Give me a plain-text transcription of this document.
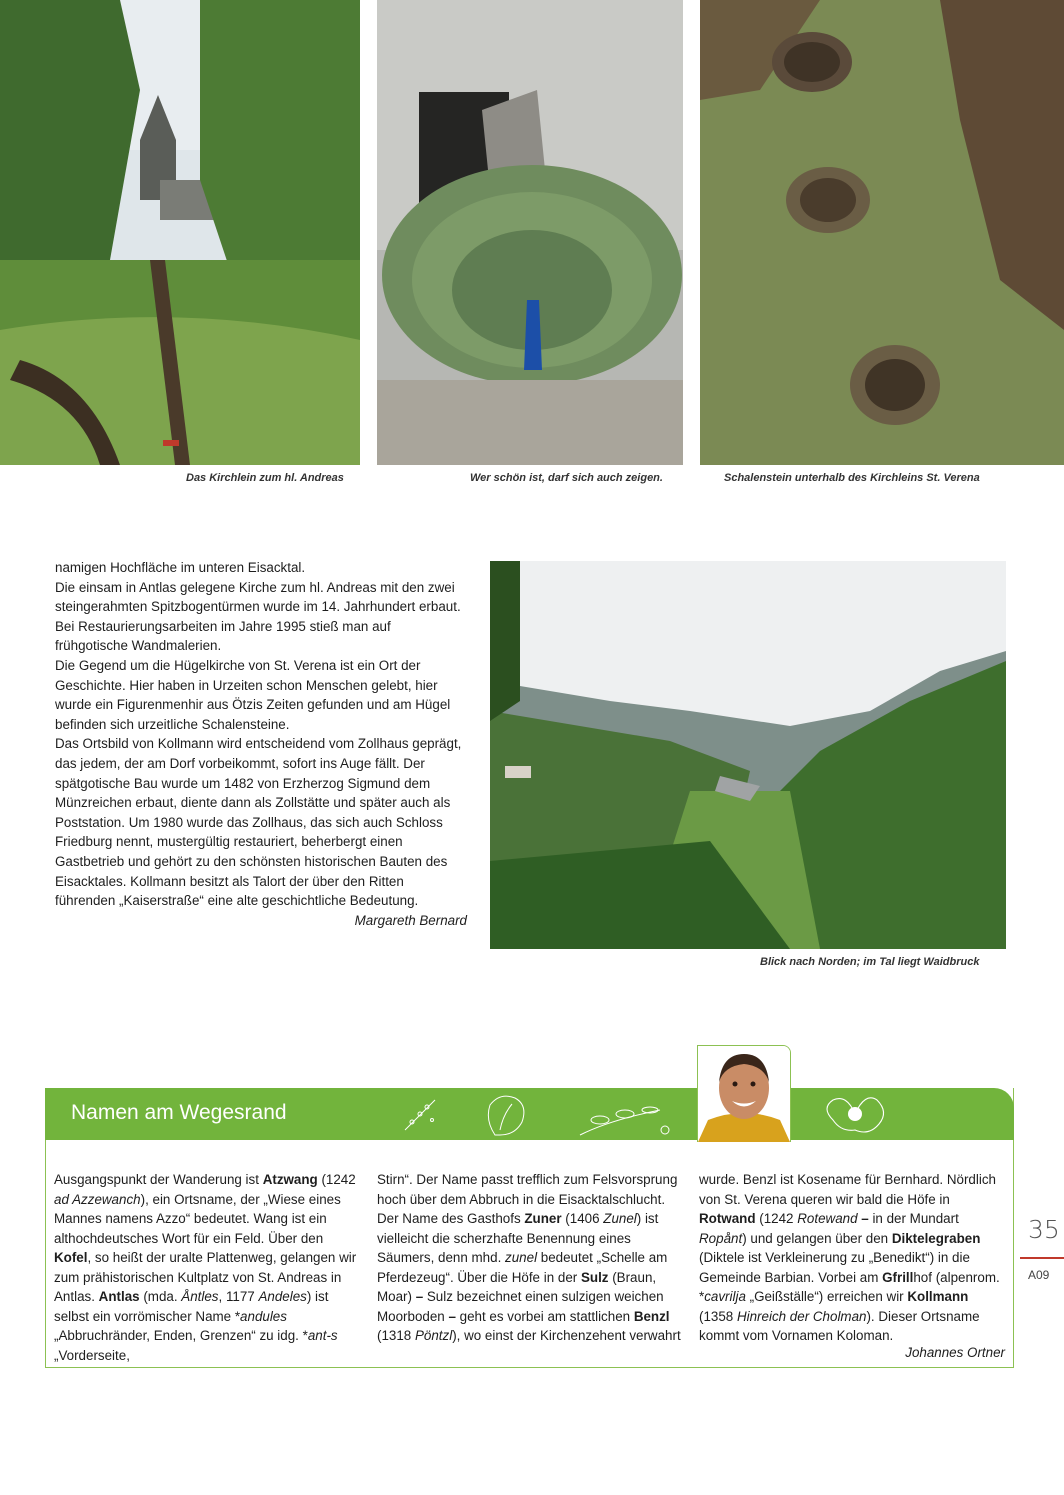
Das Kirchlein zum hl. Andreas	Wer schön ist, darf sich auch zeigen.	Schalenstein unterhalb des Kirchleins St. Verena

namigen Hochfläche im unteren Eisacktal.

Die einsam in Antlas gelegene Kirche zum hl. Andreas mit den zwei steingerahmten Spitzbogentürmen wurde im 14. Jahrhundert erbaut. Bei Restaurierungsarbeiten im Jahre 1995 stieß man auf frühgotische Wandmalerien.

Die Gegend um die Hügelkirche von St. Verena ist ein Ort der Geschichte. Hier haben in Urzeiten schon Menschen gelebt, hier wurde ein Figurenmenhir aus Ötzis Zeiten gefunden und am Hügel befinden sich urzeitliche Schalensteine.

Das Ortsbild von Kollmann wird entscheidend vom Zollhaus geprägt, das jedem, der am Dorf vorbeikommt, sofort ins Auge fällt. Der spätgotische Bau wurde um 1482 von Erzherzog Sigmund dem Münzreichen erbaut, diente dann als Zollstätte und später auch als Poststation. Um 1980 wurde das Zollhaus, das sich auch Schloss Friedburg nennt, mustergültig restauriert, beherbergt einen Gastbetrieb und gehört zu den schönsten historischen Bauten des Eisacktales. Kollmann besitzt als Talort der über den Ritten führenden „Kaiserstraße“ eine alte geschichtliche Bedeutung.

Margareth Bernard

Blick nach Norden; im Tal liegt Waidbruck
Namen am Wegesrand
Ausgangspunkt der Wanderung ist Atzwang (1242 ad Azzewanch), ein Ortsname, der „Wiese eines Mannes namens Azzo“ bedeutet. Wang ist ein althochdeutsches Wort für ein Feld. Über den Kofel, so heißt der uralte Plattenweg, gelangen wir zum prähistorischen Kultplatz von St. Andreas in Antlas. Antlas (mda. Åntles, 1177 Andeles) ist selbst ein vorrömischer Name *andules „Abbruchränder, Enden, Grenzen“ zu idg. *ant-s „Vorderseite,
Stirn“. Der Name passt trefflich zum Felsvorsprung hoch über dem Abbruch in die Eisacktalschlucht. Der Name des Gasthofs Zuner (1406 Zunel) ist vielleicht die scherzhafte Benennung eines Säumers, denn mhd. zunel bedeutet „Schelle am Pferdezeug“. Über die Höfe in der Sulz (Braun, Moar) – Sulz bezeichnet einen sulzigen weichen Moorboden – geht es vorbei am stattlichen Benzl (1318 Pöntzl), wo einst der Kirchenzehent verwahrt
wurde. Benzl ist Kosename für Bernhard. Nördlich von St. Verena queren wir bald die Höfe in Rotwand (1242 Rotewand – in der Mundart Ropånt) und gelangen über den Diktelegraben (Diktele ist Verkleinerung zu „Benedikt“) in die Gemeinde Barbian. Vorbei am Gfrillhof (alpenrom. *cavrilja „Geißställe“) erreichen wir Kollmann (1358 Hinreich der Cholman). Dieser Ortsname kommt vom Vornamen Koloman.
Johannes Ortner
35
A09
